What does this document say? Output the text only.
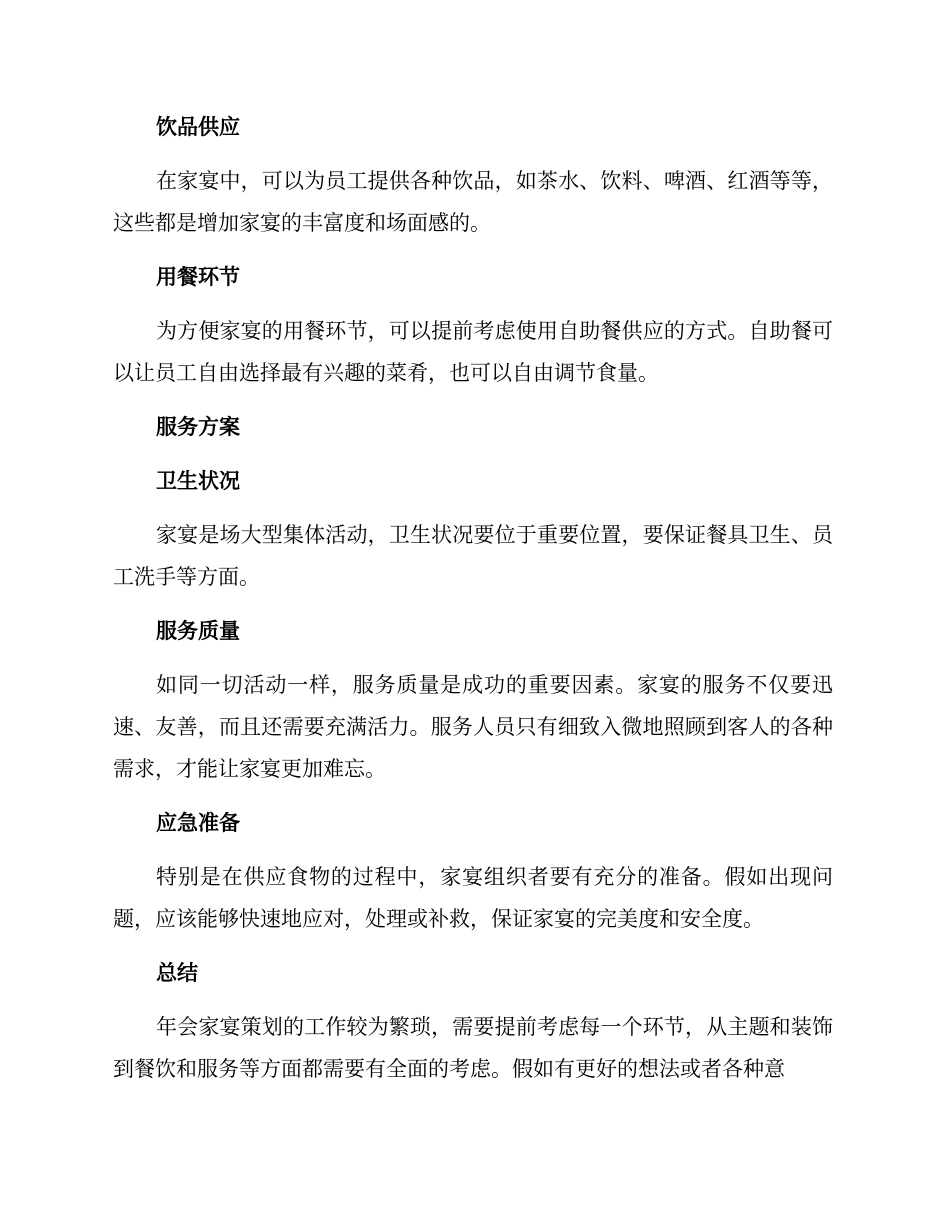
饮品供应

在家宴中，可以为员工提供各种饮品，如茶水、饮料、啤酒、红酒等等，这些都是增加家宴的丰富度和场面感的。

用餐环节

为方便家宴的用餐环节，可以提前考虑使用自助餐供应的方式。自助餐可以让员工自由选择最有兴趣的菜肴，也可以自由调节食量。

服务方案
卫生状况

家宴是场大型集体活动，卫生状况要位于重要位置，要保证餐具卫生、员工洗手等方面。

服务质量

如同一切活动一样，服务质量是成功的重要因素。家宴的服务不仅要迅速、友善，而且还需要充满活力。服务人员只有细致入微地照顾到客人的各种需求，才能让家宴更加难忘。

应急准备

特别是在供应食物的过程中，家宴组织者要有充分的准备。假如出现问题，应该能够快速地应对，处理或补救，保证家宴的完美度和安全度。

总结

年会家宴策划的工作较为繁琐，需要提前考虑每一个环节，从主题和装饰到餐饮和服务等方面都需要有全面的考虑。假如有更好的想法或者各种意
